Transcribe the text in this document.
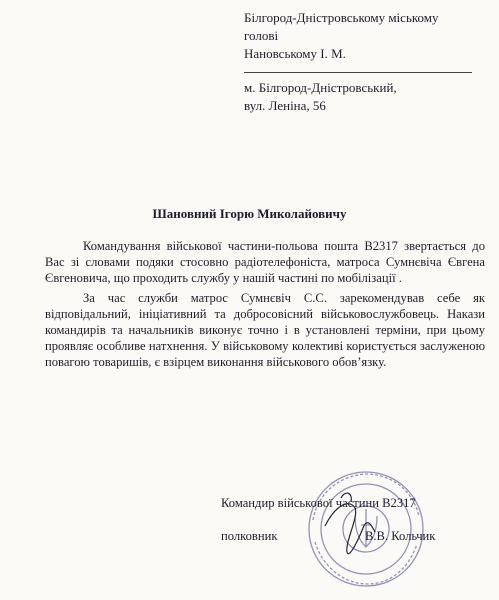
Білгород-Дністровському міському
голові
Нановському І. М.
м. Білгород-Дністровський,
вул. Леніна, 56
Шановний Ігорю Миколайовичу

Командування військової частини-польова пошта В2317 звертається до Вас зі словами подяки стосовно радіотелефоніста, матроса Сумнєвіча Євгена Євгеновича, що проходить службу у нашій частині по мобілізації .

За час служби матрос Сумнєвіч С.С. зарекомендував себе як відповідальний, ініціативний та добросовісний військовослужбовець. Накази командирів та начальників виконує точно і в установлені терміни, при цьому проявляє особливе натхнення. У військовому колективі користується заслуженою повагою товаришів, є взірцем виконання військового обов’язку.

Командир військової частини В2317
полковник	В.В. Кольчик
